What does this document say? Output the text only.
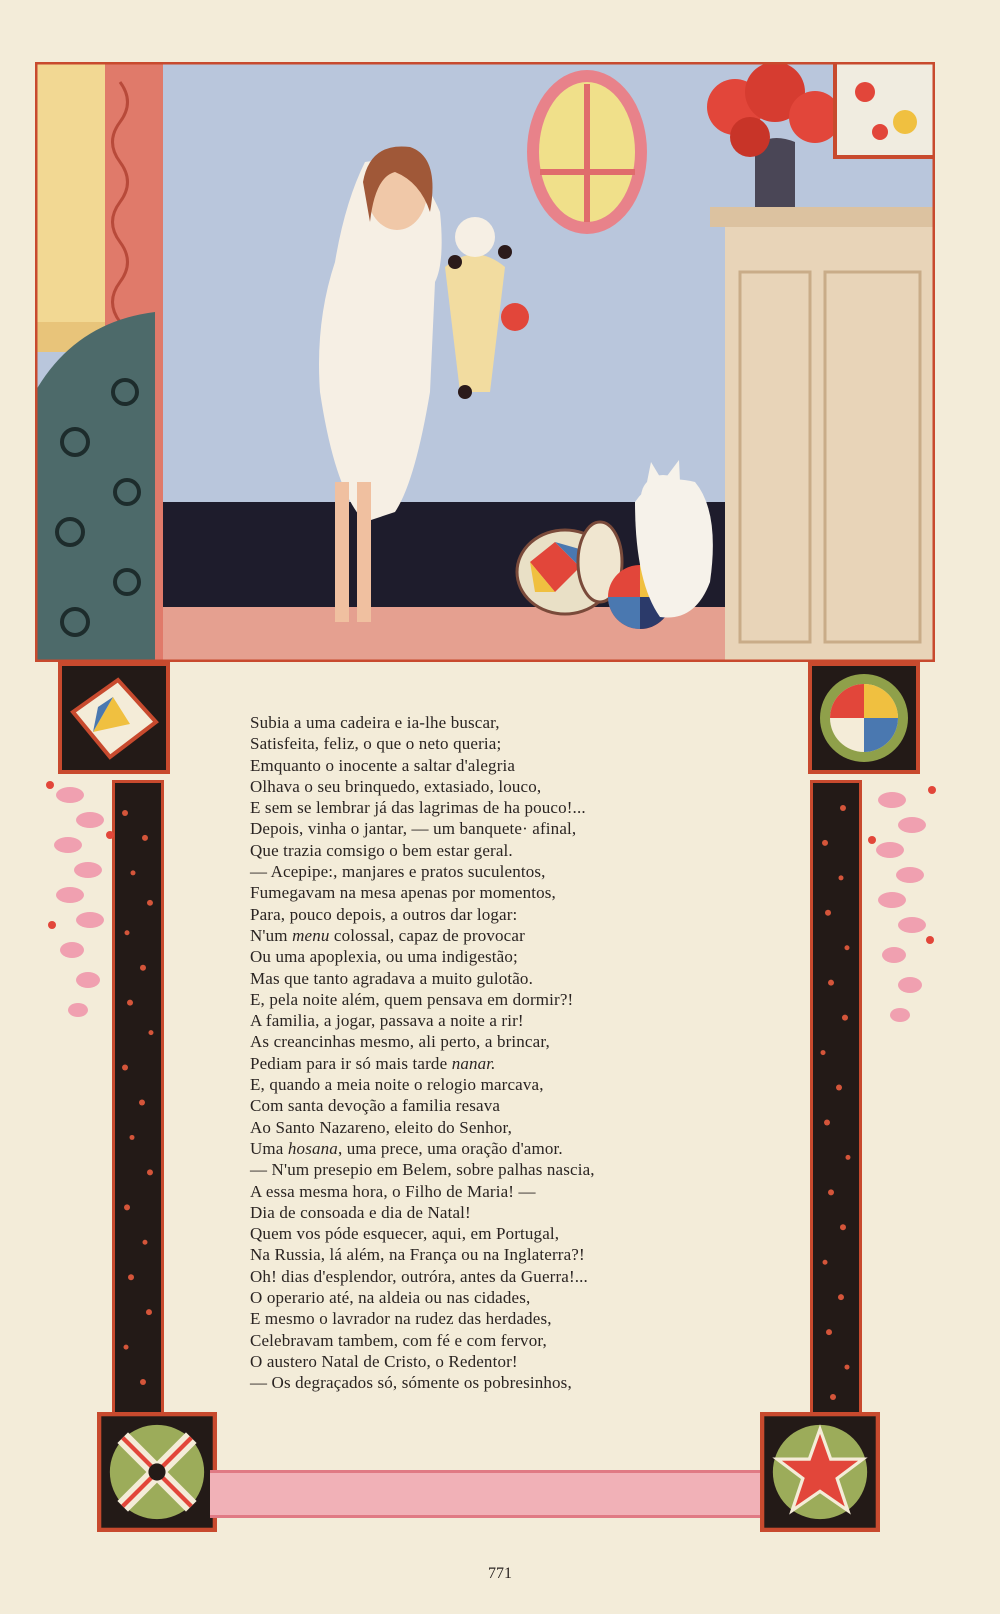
Subia a uma cadeira e ia-lhe buscar,
Satisfeita, feliz, o que o neto queria;
Emquanto o inocente a saltar d'alegria
Olhava o seu brinquedo, extasiado, louco,
E sem se lembrar já das lagrimas de ha pouco!...
Depois, vinha o jantar, — um banquete· afinal,
Que trazia comsigo o bem estar geral.
— Acepipe:, manjares e pratos suculentos,
Fumegavam na mesa apenas por momentos,
Para, pouco depois, a outros dar logar:
N'um menu colossal, capaz de provocar
Ou uma apoplexia, ou uma indigestão;
Mas que tanto agradava a muito gulotão.
E, pela noite além, quem pensava em dormir?!
A familia, a jogar, passava a noite a rir!
As creancinhas mesmo, ali perto, a brincar,
Pediam para ir só mais tarde nanar.
E, quando a meia noite o relogio marcava,
Com santa devoção a familia resava
Ao Santo Nazareno, eleito do Senhor,
Uma hosana, uma prece, uma oração d'amor.
— N'um presepio em Belem, sobre palhas nascia,
A essa mesma hora, o Filho de Maria! —
Dia de consoada e dia de Natal!
Quem vos póde esquecer, aqui, em Portugal,
Na Russia, lá além, na França ou na Inglaterra?!
Oh! dias d'esplendor, outróra, antes da Guerra!...
O operario até, na aldeia ou nas cidades,
E mesmo o lavrador na rudez das herdades,
Celebravam tambem, com fé e com fervor,
O austero Natal de Cristo, o Redentor!
— Os degraçados só, sómente os pobresinhos,
771
